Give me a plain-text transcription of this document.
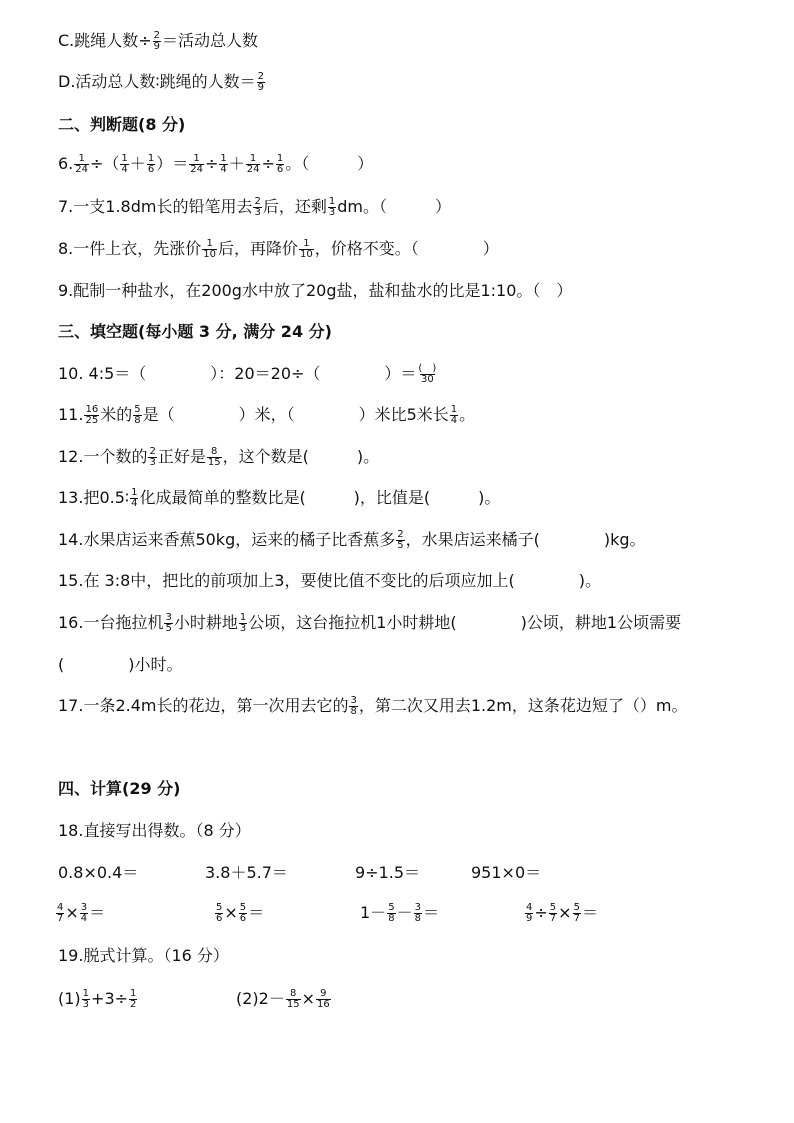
C.跳绳人数÷ $\frac{2}{9}$ ＝活动总人数
D.活动总人数∶跳绳的人数＝ $\frac{2}{9}$
二、判断题(8 分)
6. $\frac{1}{24}$ ÷（ $\frac{1}{4} + \frac{1}{6}$ ）＝ $\frac{1}{24} \div \frac{1}{4} + \frac{1}{24} \div \frac{1}{6}$ 。（　　　）
7.一支1.8dm长的铅笔用去 $\frac{2}{3}$ 后，还剩 $\frac{1}{3}$ dm。（　　　）
8.一件上衣，先涨价 $\frac{1}{10}$ 后，再降价 $\frac{1}{10}$ ，价格不变。（　　　　）
9.配制一种盐水，在200g水中放了20g盐，盐和盐水的比是1:10。（　）
三、填空题(每小题 3 分, 满分 24 分)
10. 4:5＝（　　　　）：20＝20÷（　　　　）＝ $\frac{( )}{30}$
11. $\frac{16}{25}$ 米的 $\frac{5}{8}$ 是（　　　　）米，（　　　　）米比5米长 $\frac{1}{4}$ 。
12.一个数的 $\frac{2}{3}$ 正好是 $\frac{8}{15}$ ，这个数是(　　　)。
13.把0.5∶ $\frac{1}{4}$ 化成最简单的整数比是(　　　)，比值是(　　　)。
14.水果店运来香蕉50kg，运来的橘子比香蕉多 $\frac{2}{5}$ ，水果店运来橘子(　　　　)kg。
15.在 3:8中，把比的前项加上3，要使比值不变比的后项应加上(　　　　)。
16.一台拖拉机 $\frac{3}{5}$ 小时耕地 $\frac{1}{3}$ 公顷，这台拖拉机1小时耕地(　　　　)公顷，耕地1公顷需要
(　　　　)小时。
17.一条2.4m长的花边，第一次用去它的 $\frac{3}{8}$ ，第二次又用去1.2m，这条花边短了（）m。
四、计算(29 分)
18.直接写出得数。（8 分）
0.8×0.4＝	3.8＋5.7＝	9÷1.5＝	951×0＝
$\frac{4}{7} \times \frac{3}{4}$ ＝	$\frac{5}{6} \times \frac{5}{6}$ ＝	$1- \frac{5}{8} - \frac{3}{8}$ ＝	$\frac{4}{9} \div \frac{5}{7} \times \frac{5}{7}$ ＝
19.脱式计算。（16 分）
$(1) \frac{1}{3} +3\div \frac{1}{2}$	$(2)2- \frac{8}{15} \times \frac{9}{16}$
